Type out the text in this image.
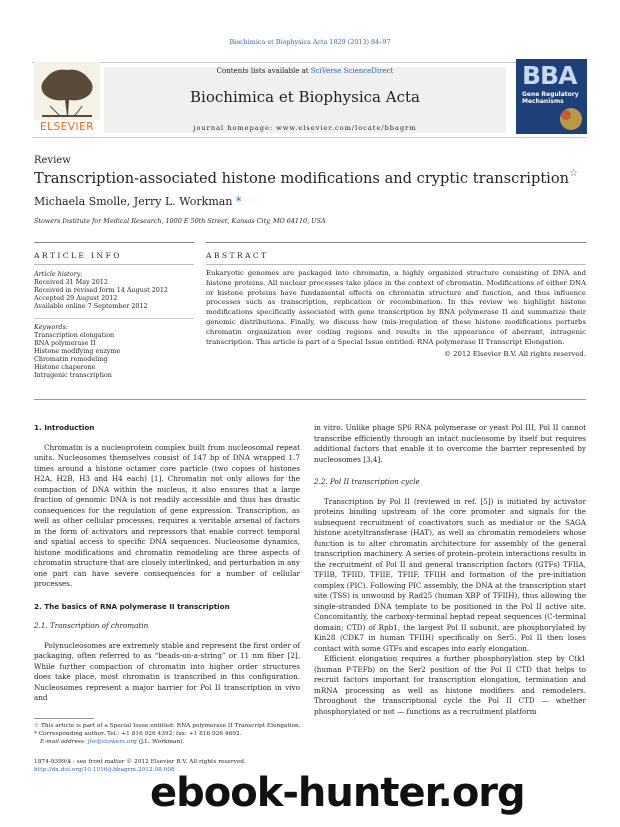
Biochimica et Biophysica Acta 1829 (2013) 84–97
ELSEVIER
Contents lists available at SciVerse ScienceDirect
Biochimica et Biophysica Acta
journal homepage: www.elsevier.com/locate/bbagrm
BBA
Gene Regulatory Mechanisms
Review
Transcription-associated histone modifications and cryptic transcription☆
Michaela Smolle, Jerry L. Workman *
Stowers Institute for Medical Research, 1000 E 50th Street, Kansas City, MO 64110, USA
ARTICLE INFO	ABSTRACT
Article history:
Received 31 May 2012
Received in revised form 14 August 2012
Accepted 29 August 2012
Available online 7 September 2012
Keywords:
Transcription elongation
RNA polymerase II
Histone modifying enzyme
Chromatin remodeling
Histone chaperone
Intragenic transcription
Eukaryotic genomes are packaged into chromatin, a highly organized structure consisting of DNA and histone proteins. All nuclear processes take place in the context of chromatin. Modifications of either DNA or histone proteins have fundamental effects on chromatin structure and function, and thus influence processes such as transcription, replication or recombination. In this review we highlight histone modifications specifically associated with gene transcription by RNA polymerase II and summarize their genomic distributions. Finally, we discuss how (mis-)regulation of these histone modifications perturbs chromatin organization over coding regions and results in the appearance of aberrant, intragenic transcription. This article is part of a Special Issue entitled: RNA polymerase II Transcript Elongation.
© 2012 Elsevier B.V. All rights reserved.
1. Introduction

Chromatin is a nucleoprotein complex built from nucleosomal repeat units. Nucleosomes themselves consist of 147 bp of DNA wrapped 1.7 times around a histone octamer core particle (two copies of histones H2A, H2B, H3 and H4 each) [1]. Chromatin not only allows for the compaction of DNA within the nucleus, it also ensures that a large fraction of genomic DNA is not readily accessible and thus has drastic consequences for the regulation of gene expression. Transcription, as well as other cellular processes, requires a veritable arsenal of factors in the form of activators and repressors that enable correct temporal and spatial access to specific DNA sequences. Nucleosome dynamics, histone modifications and chromatin remodeling are three aspects of chromatin structure that are closely interlinked, and perturbation in any one part can have severe consequences for a number of cellular processes.

2. The basics of RNA polymerase II transcription
2.1. Transcription of chromatin

Polynucleosomes are extremely stable and represent the first order of packaging, often referred to as “beads-on-a-string” or 11 nm fiber [2]. While further compaction of chromatin into higher order structures does take place, most chromatin is transcribed in this configuration. Nucleosomes represent a major barrier for Pol II transcription in vivo and

in vitro. Unlike phage SP6 RNA polymerase or yeast Pol III, Pol II cannot transcribe efficiently through an intact nucleosome by itself but requires additional factors that enable it to overcome the barrier represented by nucleosomes [3,4].
2.2. Pol II transcription cycle

Transcription by Pol II (reviewed in ref. [5]) is initiated by activator proteins binding upstream of the core promoter and signals for the subsequent recruitment of coactivators such as mediator or the SAGA histone acetyltransferase (HAT), as well as chromatin remodelers whose function is to alter chromatin architecture for assembly of the general transcription machinery. A series of protein–protein interactions results in the recruitment of Pol II and general transcription factors (GTFs) TFIIA, TFIIB, TFIID, TFIIE, TFIIF, TFIIH and formation of the pre-initiation complex (PIC). Following PIC assembly, the DNA at the transcription start site (TSS) is unwound by Rad25 (human XBP of TFIIH), thus allowing the single-stranded DNA template to be positioned in the Pol II active site. Concomitantly, the carboxy-terminal heptad repeat sequences (C-terminal domain; CTD) of Rpb1, the largest Pol II subunit, are phosphorylated by Kin28 (CDK7 in human TFIIH) specifically on Ser5. Pol II then loses contact with some GTFs and escapes into early elongation.

Efficient elongation requires a further phosphorylation step by Ctk1 (human P-TEFb) on the Ser2 position of the Pol II CTD that helps to recruit factors important for transcription elongation, termination and mRNA processing as well as histone modifiers and remodelers. Throughout the transcriptional cycle the Pol II CTD — whether phosphorylated or not — functions as a recruitment platform

☆ This article is part of a Special Issue entitled: RNA polymerase II Transcript Elongation.
* Corresponding author. Tel.: +1 816 926 4392; fax: +1 816 926 4692.
E-mail address: jlw@stowers.org (J.L. Workman).
1874-9399/$ - see front matter © 2012 Elsevier B.V. All rights reserved.
http://dx.doi.org/10.1016/j.bbagrm.2012.08.008
ebook-hunter.org
